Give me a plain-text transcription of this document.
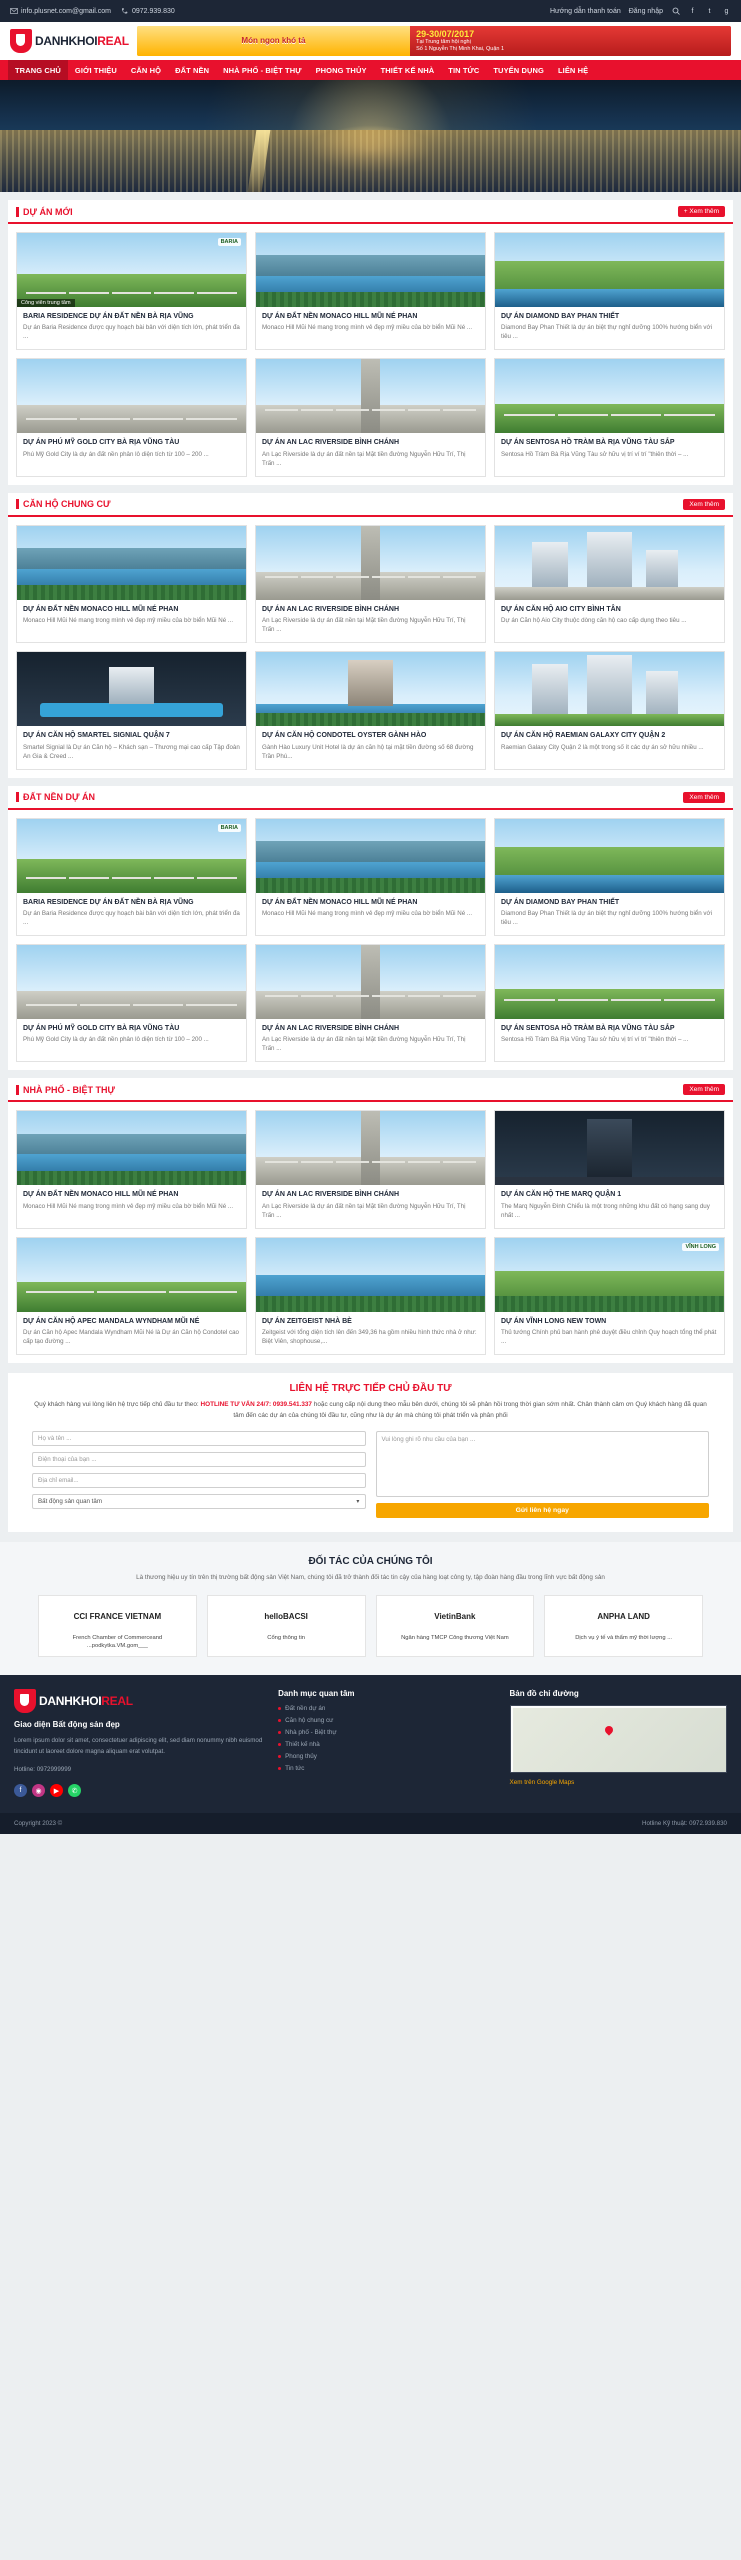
info.plusnet.com@gmail.com	0972.939.830	Hướng dẫn thanh toán Đăng nhập	f	t	g
DANHKHOIREAL	Món ngon khó tả
29-30/07/2017
Tại Trung tâm hội nghị
Số 1 Nguyễn Thị Minh Khai, Quận 1
TRANG CHỦ	GIỚI THIỆU	CĂN HỘ	ĐẤT NỀN	NHÀ PHỐ - BIỆT THỰ	PHONG THỦY	THIẾT KẾ NHÀ	TIN TỨC	TUYỂN DỤNG	LIÊN HỆ
DỰ ÁN MỚI	+ Xem thêm
Công viên trung tâm
BARIA
BARIA RESIDENCE DỰ ÁN ĐẤT NỀN BÀ RỊA VŨNG
Dự án Baria Residence được quy hoạch bài bản với diện tích lớn, phát triển đa ...
DỰ ÁN ĐẤT NỀN MONACO HILL MŨI NÉ PHAN
Monaco Hill Mũi Né mang trong mình vẻ đẹp mỹ miều của bờ biển Mũi Né ...
DỰ ÁN DIAMOND BAY PHAN THIẾT
Diamond Bay Phan Thiết là dự án biệt thự nghỉ dưỡng 100% hướng biển với tiêu ...
DỰ ÁN PHÚ MỸ GOLD CITY BÀ RỊA VŨNG TÀU
Phú Mỹ Gold City là dự án đất nền phân lô diện tích từ 100 – 200 ...
DỰ ÁN AN LAC RIVERSIDE BÌNH CHÁNH
An Lạc Riverside là dự án đất nền tại Mặt tiền đường Nguyễn Hữu Trí, Thị Trấn ...
DỰ ÁN SENTOSA HỒ TRÀM BÀ RỊA VŨNG TÀU SẮP
Sentosa Hồ Tràm Bà Rịa Vũng Tàu sở hữu vị trí ví trí "thiên thời – ...
CĂN HỘ CHUNG CƯ	Xem thêm
DỰ ÁN ĐẤT NỀN MONACO HILL MŨI NÉ PHAN
Monaco Hill Mũi Né mang trong mình vẻ đẹp mỹ miều của bờ biển Mũi Né ...
DỰ ÁN AN LAC RIVERSIDE BÌNH CHÁNH
An Lạc Riverside là dự án đất nền tại Mặt tiền đường Nguyễn Hữu Trí, Thị Trấn ...
DỰ ÁN CĂN HỘ AIO CITY BÌNH TÂN
Dự án Căn hộ Aio City thuộc dòng căn hộ cao cấp dụng theo tiêu ...
DỰ ÁN CĂN HỘ SMARTEL SIGNIAL QUẬN 7
Smartel Signial là Dự án Căn hộ – Khách sạn – Thương mại cao cấp Tập đoàn An Gia & Creed ...
DỰ ÁN CĂN HỘ CONDOTEL OYSTER GÀNH HÀO
Gành Hào Luxury Unit Hotel là dự án căn hộ tại mặt tiền đường số 68 đường Trần Phú...
DỰ ÁN CĂN HỘ RAEMIAN GALAXY CITY QUẬN 2
Raemian Galaxy City Quận 2 là một trong số ít các dự án sở hữu nhiều ...
ĐẤT NỀN DỰ ÁN	Xem thêm
BARIA
BARIA RESIDENCE DỰ ÁN ĐẤT NỀN BÀ RỊA VŨNG
Dự án Baria Residence được quy hoạch bài bản với diện tích lớn, phát triển đa ...
DỰ ÁN ĐẤT NỀN MONACO HILL MŨI NÉ PHAN
Monaco Hill Mũi Né mang trong mình vẻ đẹp mỹ miều của bờ biển Mũi Né ...
DỰ ÁN DIAMOND BAY PHAN THIẾT
Diamond Bay Phan Thiết là dự án biệt thự nghỉ dưỡng 100% hướng biển với tiêu ...
DỰ ÁN PHÚ MỸ GOLD CITY BÀ RỊA VŨNG TÀU
Phú Mỹ Gold City là dự án đất nền phân lô diện tích từ 100 – 200 ...
DỰ ÁN AN LAC RIVERSIDE BÌNH CHÁNH
An Lạc Riverside là dự án đất nền tại Mặt tiền đường Nguyễn Hữu Trí, Thị Trấn ...
DỰ ÁN SENTOSA HỒ TRÀM BÀ RỊA VŨNG TÀU SẮP
Sentosa Hồ Tràm Bà Rịa Vũng Tàu sở hữu vị trí ví trí "thiên thời – ...
NHÀ PHỐ - BIỆT THỰ	Xem thêm
DỰ ÁN ĐẤT NỀN MONACO HILL MŨI NÉ PHAN
Monaco Hill Mũi Né mang trong mình vẻ đẹp mỹ miều của bờ biển Mũi Né ...
DỰ ÁN AN LAC RIVERSIDE BÌNH CHÁNH
An Lạc Riverside là dự án đất nền tại Mặt tiền đường Nguyễn Hữu Trí, Thị Trấn ...
DỰ ÁN CĂN HỘ THE MARQ QUẬN 1
The Marq Nguyễn Đình Chiểu là một trong những khu đất có hạng sang duy nhất ...
DỰ ÁN CĂN HỘ APEC MANDALA WYNDHAM MŨI NÉ
Dự án Căn hộ Apec Mandala Wyndham Mũi Né là Dự án Căn hộ Condotel cao cấp tạo đường ...
DỰ ÁN ZEITGEIST NHÀ BÈ
Zeitgeist với tổng diện tích lên đến 349,36 ha gồm nhiều hình thức nhà ở như: Biệt Viên, shophouse,...
VĨNH LONG
DỰ ÁN VĨNH LONG NEW TOWN
Thủ tướng Chính phủ ban hành phê duyệt điều chỉnh Quy hoạch tổng thể phát ...
LIÊN HỆ TRỰC TIẾP CHỦ ĐẦU TƯ

Quý khách hàng vui lòng liên hệ trực tiếp chủ đầu tư theo: HOTLINE TƯ VẤN 24/7: 0939.541.337 hoặc cung cấp nội dung theo mẫu bên dưới, chúng tôi sẽ phản hồi trong thời gian sớm nhất. Chân thành cảm ơn Quý khách hàng đã quan tâm đến các dự án của chúng tôi đầu tư, cũng như là dự án mà chúng tôi phát triển và phân phối

Họ và tên ...
Điện thoại của bạn ...
Địa chỉ email...
Bất động sản quan tâm	▾
Vui lòng ghi rõ nhu cầu của bạn ...
Gửi liên hệ ngay
ĐỐI TÁC CỦA CHÚNG TÔI
Là thương hiệu uy tín trên thị trường bất động sản Việt Nam, chúng tôi đã trở thành đối tác tin cậy của hàng loạt công ty, tập đoàn hàng đầu trong lĩnh vực bất động sản
CCI FRANCE VIETNAM
French Chamber of Commerceand ...podkytka.VM.gom___
helloBACSI
Cổng thông tin
VietinBank
Ngân hàng TMCP Công thương Việt Nam
ANPHA LAND
Dịch vụ ý tế và thẩm mỹ thời lượng ...
DANHKHOIREAL
Giao diện Bất động sản đẹp
Lorem ipsum dolor sit amet, consectetuer adipiscing elit, sed diam nonummy nibh euismod tincidunt ut laoreet dolore magna aliquam erat volutpat.
Hotline: 0972999999
f	◉	▶	✆
Danh mục quan tâm
Đất nền dự án
Căn hộ chung cư
Nhà phố - Biệt thự
Thiết kế nhà
Phong thủy
Tin tức
Bản đồ chỉ đường
Xem trên Google Maps
Copyright 2023 ©	Hotline Kỹ thuật: 0972.939.830
